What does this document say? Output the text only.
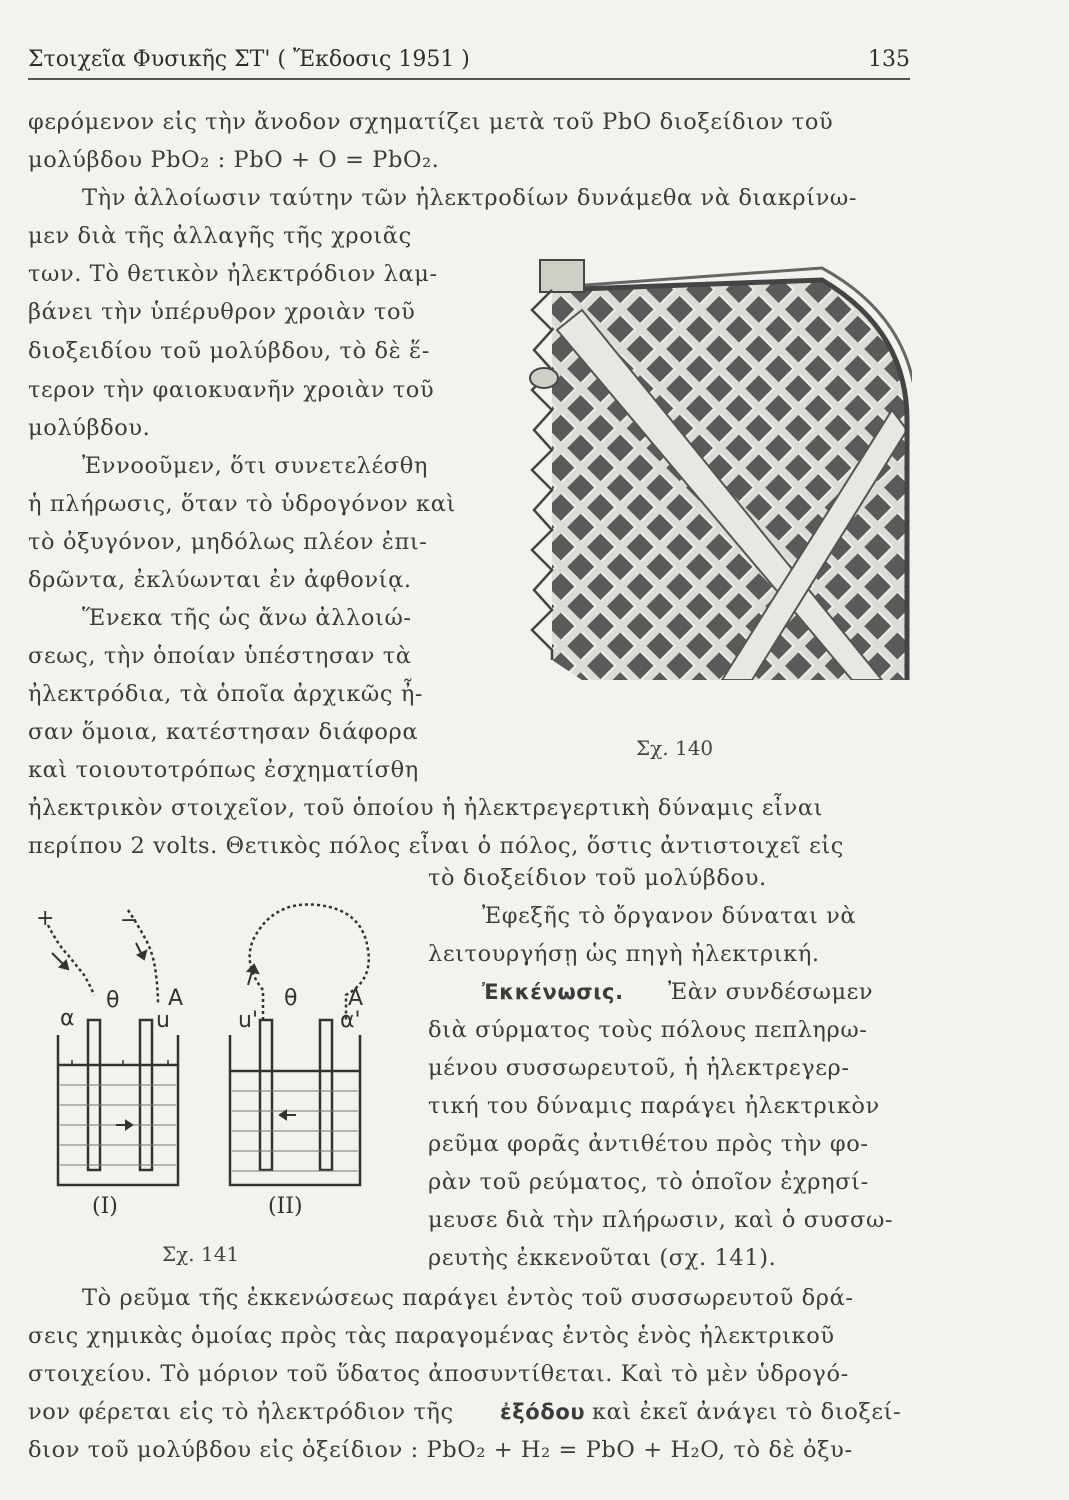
Στοιχεῖα Φυσικῆς ΣΤ' ( Ἔκδοσις 1951 )	135
φερόμενον εἰς τὴν ἄνοδον σχηματίζει μετὰ τοῦ PbO διοξείδιον τοῦ
μολύβδου PbO₂ : PbO + O = PbO₂.
Τὴν ἀλλοίωσιν ταύτην τῶν ἠλεκτροδίων δυνάμεθα νὰ διακρίνω-
μεν διὰ τῆς ἀλλαγῆς τῆς χροιᾶς
των. Τὸ θετικὸν ἠλεκτρόδιον λαμ-
βάνει τὴν ὑπέρυθρον χροιὰν τοῦ
διοξειδίου τοῦ μολύβδου, τὸ δὲ ἕ-
τερον τὴν φαιοκυανῆν χροιὰν τοῦ
μολύβδου.
Ἐννοοῦμεν, ὅτι συνετελέσθη
ἡ πλήρωσις, ὅταν τὸ ὑδρογόνον καὶ
τὸ ὀξυγόνον, μηδόλως πλέον ἐπι-
δρῶντα, ἐκλύωνται ἐν ἀφθονίᾳ.
Ἕνεκα τῆς ὡς ἄνω ἀλλοιώ-
σεως, τὴν ὁποίαν ὑπέστησαν τὰ
ἠλεκτρόδια, τὰ ὁποῖα ἀρχικῶς ἦ-
σαν ὅμοια, κατέστησαν διάφορα
καὶ τοιουτοτρόπως ἐσχηματίσθη
ἠλεκτρικὸν στοιχεῖον, τοῦ ὁποίου ἡ ἠλεκτρεγερτικὴ δύναμις εἶναι
περίπου 2 volts. Θετικὸς πόλος εἶναι ὁ πόλος, ὅστις ἀντιστοιχεῖ εἰς
τὸ διοξείδιον τοῦ μολύβδου.
Ἐφεξῆς τὸ ὄργανον δύναται νὰ
λειτουργήσῃ ὡς πηγὴ ἠλεκτρική.
Ἐκκένωσις. Ἐὰν συνδέσωμεν
διὰ σύρματος τοὺς πόλους πεπληρω-
μένου συσσωρευτοῦ, ἡ ἠλεκτρεγερ-
τική του δύναμις παράγει ἠλεκτρικὸν
ρεῦμα φορᾶς ἀντιθέτου πρὸς τὴν φο-
ρὰν τοῦ ρεύματος, τὸ ὁποῖον ἐχρησί-
μευσε διὰ τὴν πλήρωσιν, καὶ ὁ συσσω-
ρευτὴς ἐκκενοῦται (σχ. 141).
Τὸ ρεῦμα τῆς ἐκκενώσεως παράγει ἐντὸς τοῦ συσσωρευτοῦ δρά-
σεις χημικὰς ὁμοίας πρὸς τὰς παραγομένας ἐντὸς ἑνὸς ἠλεκτρικοῦ
στοιχείου. Τὸ μόριον τοῦ ὕδατος ἀποσυντίθεται. Καὶ τὸ μὲν ὑδρογό-
νον φέρεται εἰς τὸ ἠλεκτρόδιον τῆς ἐξόδου καὶ ἐκεῖ ἀνάγει τὸ διοξεί-
διον τοῦ μολύβδου εἰς ὀξείδιον : PbO₂ + H₂ = PbO + H₂O, τὸ δὲ ὀξυ-
Σχ. 140
+	−
θ A
α	u
θ A
u'	α'
(I)	(II)
Σχ. 141
